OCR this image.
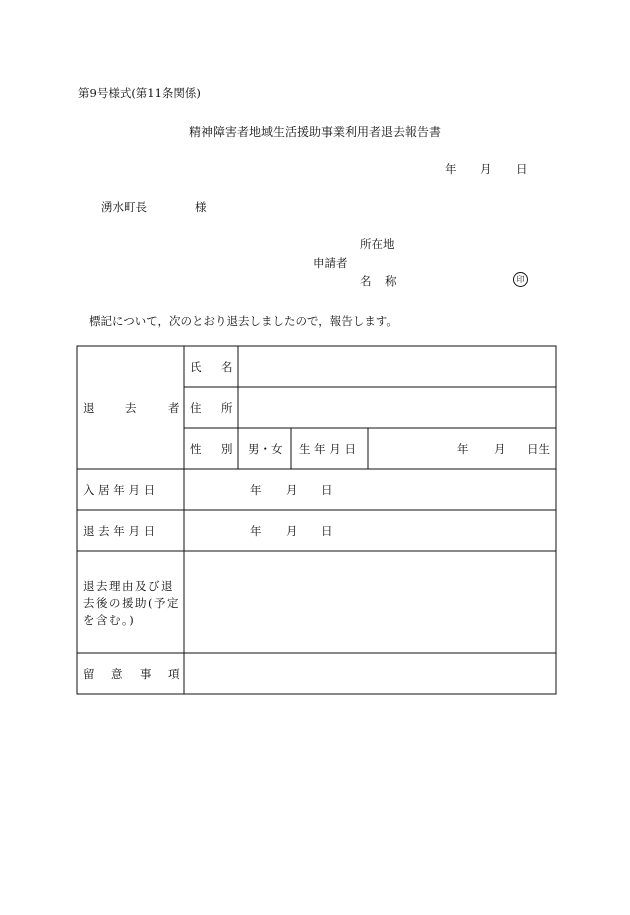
第9号様式(第11条関係)
精神障害者地域生活援助事業利用者退去報告書
年 月 日
湧水町長	様
所在地
申請者
名 称	印
標記について，次のとおり退去しましたので，報告します。
退	去	者
氏 名
住 所
性 別 男・女 生 年 月 日	年 月 日生
入 居 年 月 日	年 月 日
退 去 年 月 日	年 月 日
退去理由及び退去後の援助(予定を含む。)
留 意 事 項
